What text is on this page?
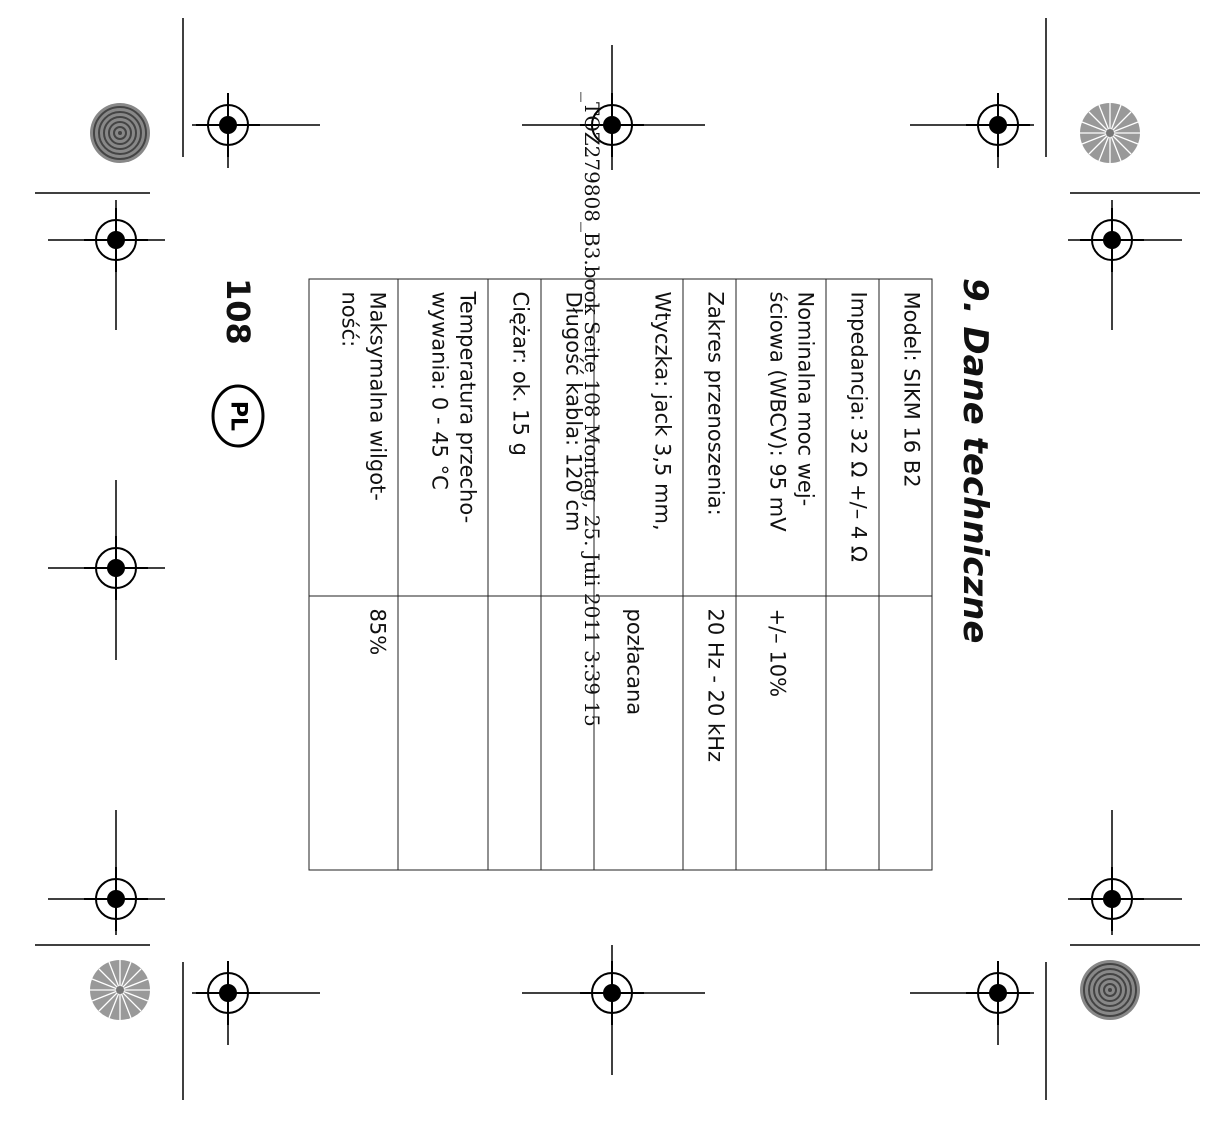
_TOZ279808_B3.book Seite 108 Montag, 25. Juli 2011 3:39 15	9. Dane techniczne
Model: SIKM 16 B2	
Impedancja: 32 Ω +/– 4 Ω	

Nominalna moc wej-
ściowa (WBCV): 95 mV	+/– 10%

Zakres przenoszenia:	20 Hz - 20 kHz
Wtyczka: jack 3,5 mm,	pozłacana

Długość kabla: 120 cm	
Ciężar: ok. 15 g	

Temperatura przecho-
wywania: 0 - 45 °C	

Maksymalna wilgot-
ność:	85%
108
PL
